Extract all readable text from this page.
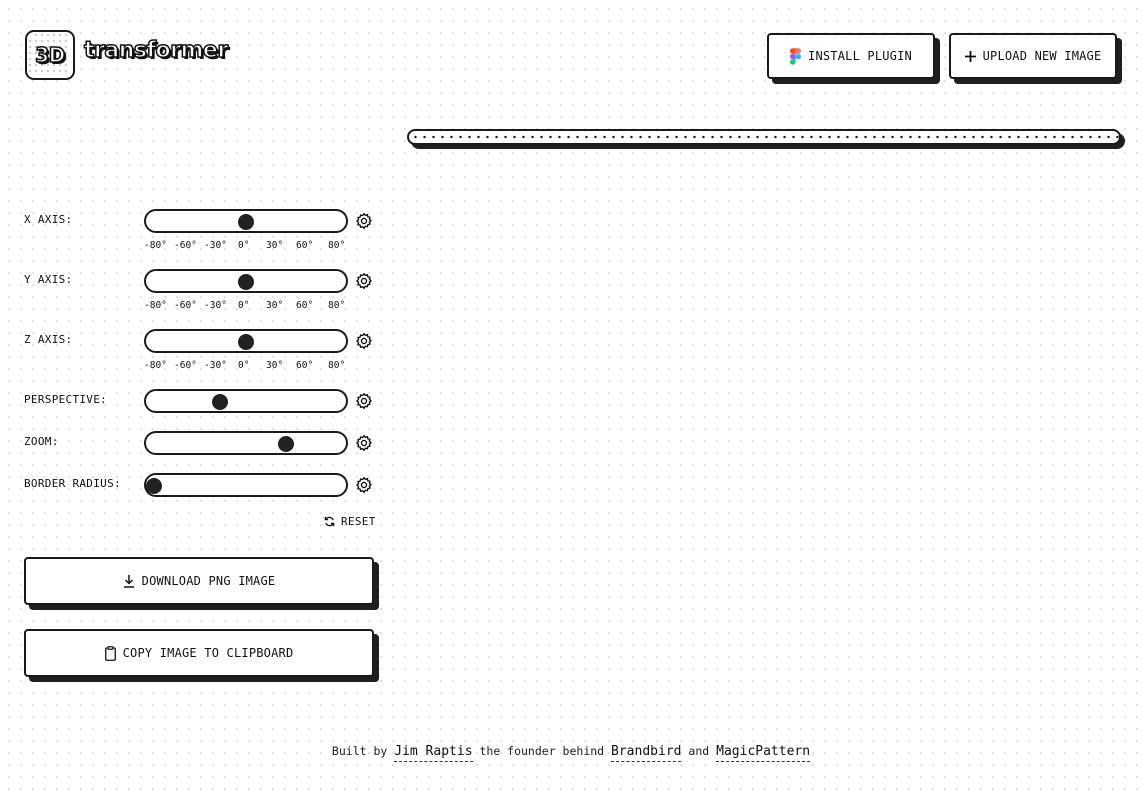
3D transformer	INSTALL PLUGIN	UPLOAD NEW IMAGE
X AXIS:
-80° -60° -30° 0° 30° 60° 80°
Y AXIS:
-80° -60° -30° 0° 30° 60° 80°
Z AXIS:
-80° -60° -30° 0° 30° 60° 80°
PERSPECTIVE:
ZOOM:
BORDER RADIUS:
RESET
DOWNLOAD PNG IMAGE
COPY IMAGE TO CLIPBOARD
Built by Jim Raptis the founder behind Brandbird and MagicPattern
